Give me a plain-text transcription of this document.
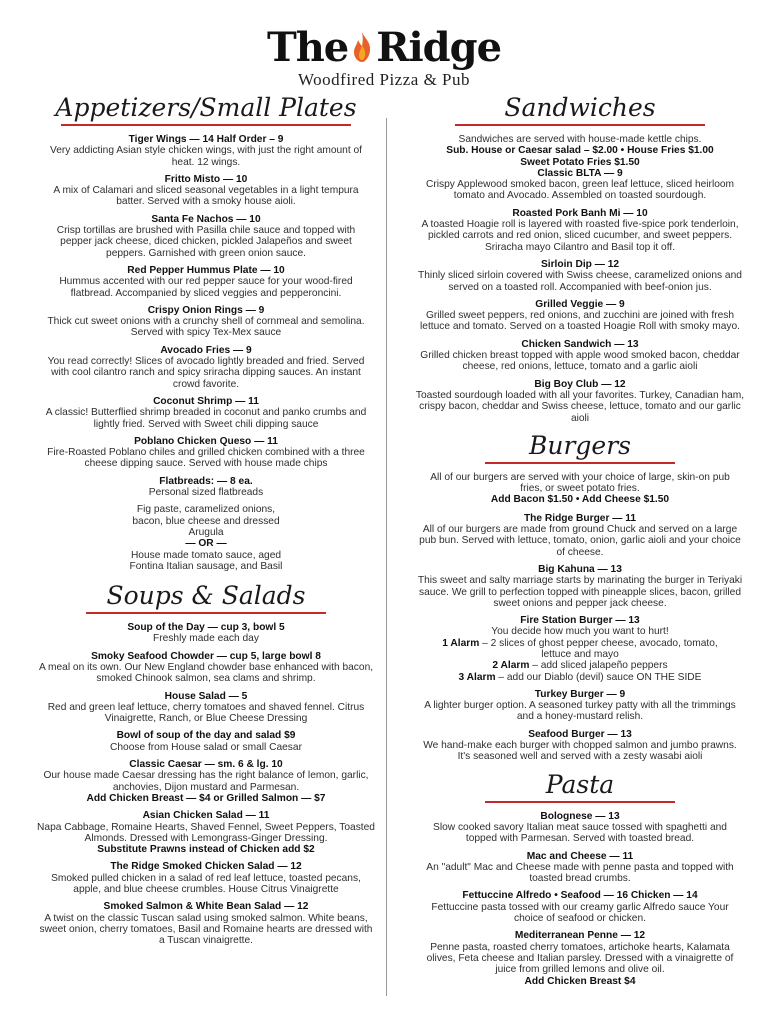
The Ridge
Woodfired Pizza & Pub
Appetizers/Small Plates
Tiger Wings — 14 Half Order – 9
Very addicting Asian style chicken wings, with just the right amount of heat. 12 wings.
Fritto Misto — 10
A mix of Calamari and sliced seasonal vegetables in a light tempura batter. Served with a smoky house aioli.
Santa Fe Nachos — 10
Crisp tortillas are brushed with Pasilla chile sauce and topped with pepper jack cheese, diced chicken, pickled Jalapeños and sweet peppers. Garnished with green onion sauce.
Red Pepper Hummus Plate — 10
Hummus accented with our red pepper sauce for your wood-fired flatbread. Accompanied by sliced veggies and pepperoncini.
Crispy Onion Rings — 9
Thick cut sweet onions with a crunchy shell of cornmeal and semolina. Served with spicy Tex-Mex sauce
Avocado Fries — 9
You read correctly! Slices of avocado lightly breaded and fried. Served with cool cilantro ranch and spicy sriracha dipping sauces. An instant crowd favorite.
Coconut Shrimp — 11
A classic! Butterflied shrimp breaded in coconut and panko crumbs and lightly fried. Served with Sweet chili dipping sauce
Poblano Chicken Queso — 11
Fire-Roasted Poblano chiles and grilled chicken combined with a three cheese dipping sauce. Served with house made chips
Flatbreads: — 8 ea.
Personal sized flatbreads
Fig paste, caramelized onions, bacon, blue cheese and dressed Arugula
— OR —
House made tomato sauce, aged Fontina Italian sausage, and Basil
Soups & Salads
Soup of the Day — cup 3, bowl 5
Freshly made each day
Smoky Seafood Chowder — cup 5, large bowl 8
A meal on its own. Our New England chowder base enhanced with bacon, smoked Chinook salmon, sea clams and shrimp.
House Salad — 5
Red and green leaf lettuce, cherry tomatoes and shaved fennel. Citrus Vinaigrette, Ranch, or Blue Cheese Dressing
Bowl of soup of the day and salad $9
Choose from House salad or small Caesar
Classic Caesar — sm. 6 & lg. 10
Our house made Caesar dressing has the right balance of lemon, garlic, anchovies, Dijon mustard and Parmesan.
Add Chicken Breast — $4 or Grilled Salmon — $7
Asian Chicken Salad — 11
Napa Cabbage, Romaine Hearts, Shaved Fennel, Sweet Peppers, Toasted Almonds. Dressed with Lemongrass-Ginger Dressing.
Substitute Prawns instead of Chicken add $2
The Ridge Smoked Chicken Salad — 12
Smoked pulled chicken in a salad of red leaf lettuce, toasted pecans, apple, and blue cheese crumbles. House Citrus Vinaigrette
Smoked Salmon & White Bean Salad — 12
A twist on the classic Tuscan salad using smoked salmon. White beans, sweet onion, cherry tomatoes, Basil and Romaine hearts are dressed with a Tuscan vinaigrette.
Sandwiches
Sandwiches are served with house-made kettle chips.
Sub. House or Caesar salad – $2.00 • House Fries $1.00
Sweet Potato Fries $1.50
Classic BLTA — 9
Crispy Applewood smoked bacon, green leaf lettuce, sliced heirloom tomato and Avocado. Assembled on toasted sourdough.
Roasted Pork Banh Mi — 10
A toasted Hoagie roll is layered with roasted five-spice pork tenderloin, pickled carrots and red onion, sliced cucumber, and sweet peppers. Sriracha mayo Cilantro and Basil top it off.
Sirloin Dip — 12
Thinly sliced sirloin covered with Swiss cheese, caramelized onions and served on a toasted roll. Accompanied with beef-onion jus.
Grilled Veggie — 9
Grilled sweet peppers, red onions, and zucchini are joined with fresh lettuce and tomato. Served on a toasted Hoagie Roll with smoky mayo.
Chicken Sandwich — 13
Grilled chicken breast topped with apple wood smoked bacon, cheddar cheese, red onions, lettuce, tomato and a garlic aioli
Big Boy Club — 12
Toasted sourdough loaded with all your favorites. Turkey, Canadian ham, crispy bacon, cheddar and Swiss cheese, lettuce, tomato and our garlic aioli
Burgers
All of our burgers are served with your choice of large, skin-on pub fries, or sweet potato fries.
Add Bacon $1.50 • Add Cheese $1.50
The Ridge Burger — 11
All of our burgers are made from ground Chuck and served on a large pub bun. Served with lettuce, tomato, onion, garlic aioli and your choice of cheese.
Big Kahuna — 13
This sweet and salty marriage starts by marinating the burger in Teriyaki sauce. We grill to perfection topped with pineapple slices, bacon, grilled sweet onions and pepper jack cheese.
Fire Station Burger — 13
You decide how much you want to hurt!
1 Alarm – 2 slices of ghost pepper cheese, avocado, tomato, lettuce and mayo
2 Alarm – add sliced jalapeño peppers
3 Alarm – add our Diablo (devil) sauce ON THE SIDE
Turkey Burger — 9
A lighter burger option. A seasoned turkey patty with all the trimmings and a honey-mustard relish.
Seafood Burger — 13
We hand-make each burger with chopped salmon and jumbo prawns. It's seasoned well and served with a zesty wasabi aioli
Pasta
Bolognese — 13
Slow cooked savory Italian meat sauce tossed with spaghetti and topped with Parmesan. Served with toasted bread.
Mac and Cheese — 11
An "adult" Mac and Cheese made with penne pasta and topped with toasted bread crumbs.
Fettuccine Alfredo • Seafood — 16 Chicken — 14
Fettuccine pasta tossed with our creamy garlic Alfredo sauce Your choice of seafood or chicken.
Mediterranean Penne — 12
Penne pasta, roasted cherry tomatoes, artichoke hearts, Kalamata olives, Feta cheese and Italian parsley. Dressed with a vinaigrette of juice from grilled lemons and olive oil.
Add Chicken Breast $4
